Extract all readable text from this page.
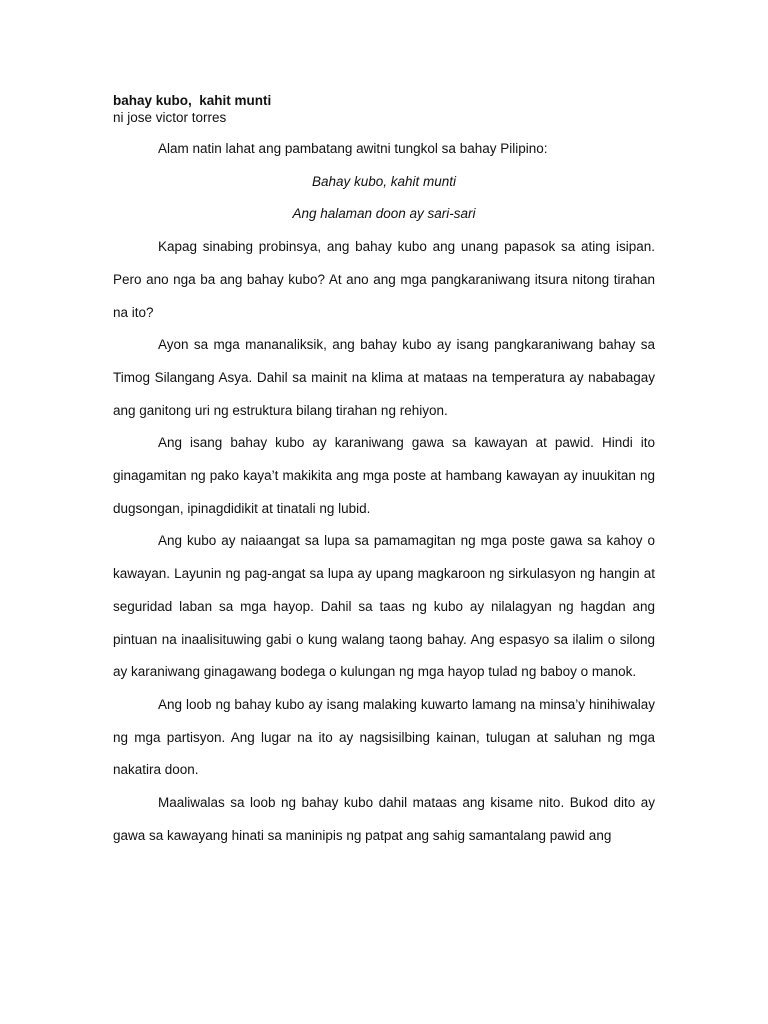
bahay kubo,  kahit munti

ni jose victor torres

Alam natin lahat ang pambatang awitni tungkol sa bahay Pilipino:

Bahay kubo, kahit munti

Ang halaman doon ay sari-sari

Kapag sinabing probinsya, ang bahay kubo ang unang papasok sa ating isipan. Pero ano nga ba ang bahay kubo? At ano ang mga pangkaraniwang itsura nitong tirahan na ito?

Ayon sa mga mananaliksik, ang bahay kubo ay isang pangkaraniwang bahay sa Timog Silangang Asya. Dahil sa mainit na klima at mataas na temperatura ay nababagay ang ganitong uri ng estruktura bilang tirahan ng rehiyon.

Ang isang bahay kubo ay karaniwang gawa sa kawayan at pawid. Hindi ito ginagamitan ng pako kaya’t makikita ang mga poste at hambang kawayan ay inuukitan ng dugsongan, ipinagdidikit at tinatali ng lubid.

Ang kubo ay naiaangat sa lupa sa pamamagitan ng mga poste gawa sa kahoy o kawayan. Layunin ng pag-angat sa lupa ay upang magkaroon ng sirkulasyon ng hangin at seguridad laban sa mga hayop. Dahil sa taas ng kubo ay nilalagyan ng hagdan ang pintuan na inaalisituwing gabi o kung walang taong bahay. Ang espasyo sa ilalim o silong ay karaniwang ginagawang bodega o kulungan ng mga hayop tulad ng baboy o manok.

Ang loob ng bahay kubo ay isang malaking kuwarto lamang na minsa’y hinihiwalay ng mga partisyon. Ang lugar na ito ay nagsisilbing kainan, tulugan at saluhan ng mga nakatira doon.

Maaliwalas sa loob ng bahay kubo dahil mataas ang kisame nito. Bukod dito ay gawa sa kawayang hinati sa maninipis ng patpat ang sahig samantalang pawid ang
